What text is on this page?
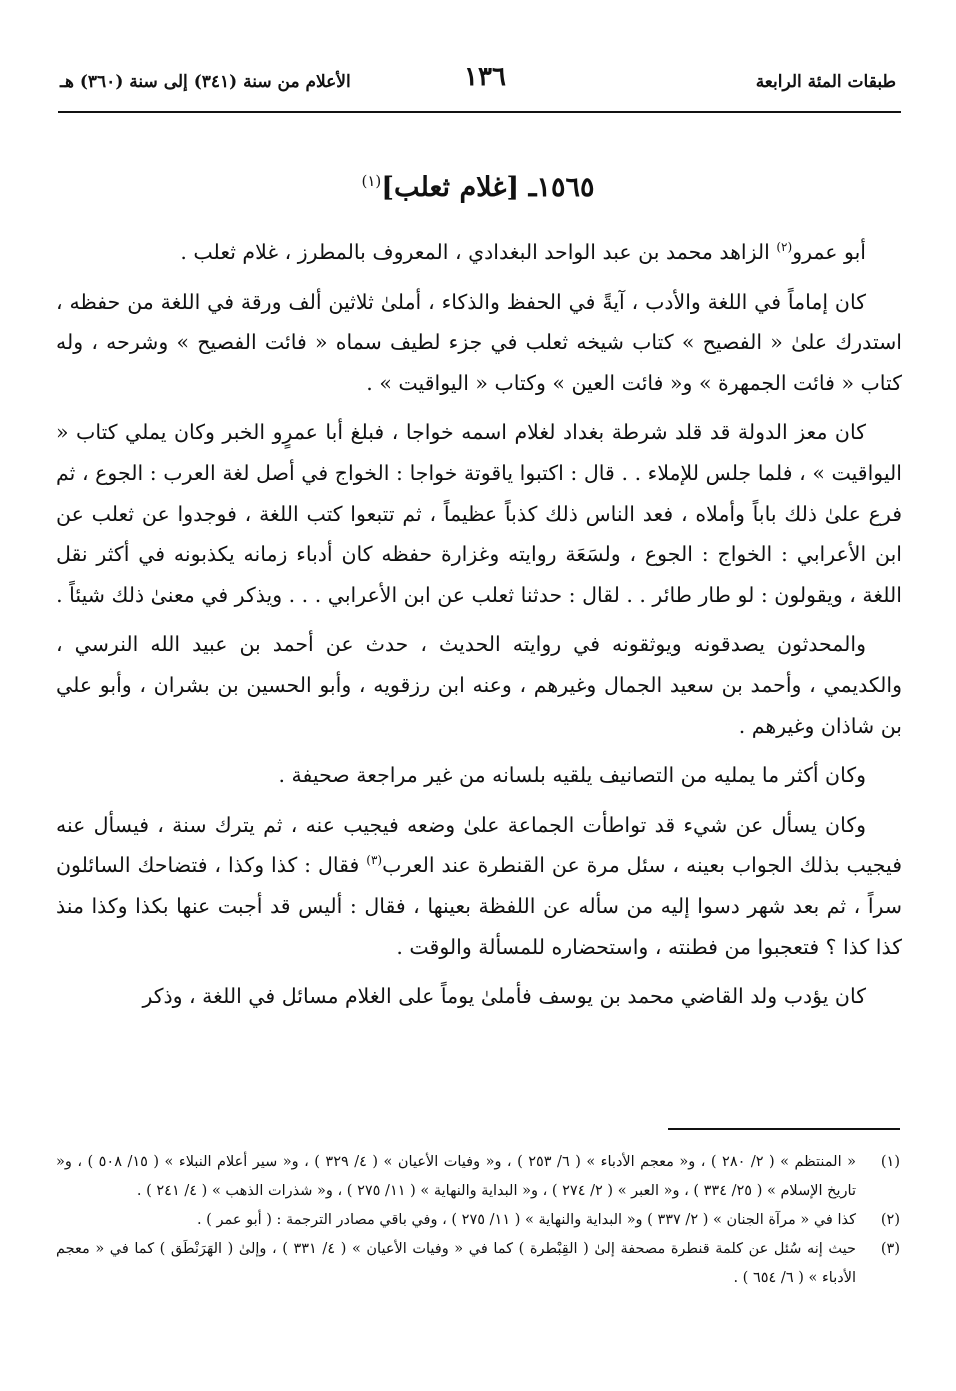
طبقات المئة الرابعة
١٣٦
الأعلام من سنة (٣٤١) إلى سنة (٣٦٠) هـ
١٥٦٥ـ [غلام ثعلب]$^{(١)}$

أبو عمرو$^{(٢)}$ الزاهد محمد بن عبد الواحد البغدادي ، المعروف بالمطرز ، غلام ثعلب .

كان إماماً في اللغة والأدب ، آيةً في الحفظ والذكاء ، أملىٰ ثلاثين ألف ورقة في اللغة من حفظه ، استدرك علىٰ « الفصيح » كتاب شيخه ثعلب في جزء لطيف سماه « فائت الفصيح » وشرحه ، وله كتاب « فائت الجمهرة » و« فائت العين » وكتاب « اليواقيت » .

كان معز الدولة قد قلد شرطة بغداد لغلام اسمه خواجا ، فبلغ أبا عمرٍو الخبر وكان يملي كتاب « اليواقيت » ، فلما جلس للإملاء . . قال : اكتبوا ياقوتة خواجا : الخواج في أصل لغة العرب : الجوع ، ثم فرع علىٰ ذلك باباً وأملاه ، فعد الناس ذلك كذباً عظيماً ، ثم تتبعوا كتب اللغة ، فوجدوا عن ثعلب عن ابن الأعرابي : الخواج : الجوع ، ولسَعَة روايته وغزارة حفظه كان أدباء زمانه يكذبونه في أكثر نقل اللغة ، ويقولون : لو طار طائر . . لقال : حدثنا ثعلب عن ابن الأعرابي . . . ويذكر في معنىٰ ذلك شيئاً .

والمحدثون يصدقونه ويوثقونه في روايته الحديث ، حدث عن أحمد بن عبيد الله النرسي ، والكديمي ، وأحمد بن سعيد الجمال وغيرهم ، وعنه ابن رزقويه ، وأبو الحسين بن بشران ، وأبو علي بن شاذان وغيرهم .

وكان أكثر ما يمليه من التصانيف يلقيه بلسانه من غير مراجعة صحيفة .

وكان يسأل عن شيء قد تواطأت الجماعة علىٰ وضعه فيجيب عنه ، ثم يترك سنة ، فيسأل عنه فيجيب بذلك الجواب بعينه ، سئل مرة عن القنطرة عند العرب$^{(٣)}$ فقال : كذا وكذا ، فتضاحك السائلون سراً ، ثم بعد شهر دسوا إليه من سأله عن اللفظة بعينها ، فقال : أليس قد أجبت عنها بكذا وكذا منذ كذا كذا ؟ فتعجبوا من فطنته ، واستحضاره للمسألة والوقت .

كان يؤدب ولد القاضي محمد بن يوسف فأملىٰ يوماً على الغلام مسائل في اللغة ، وذكر

(١)
« المنتظم » ( ٢/ ٢٨٠ ) ، و« معجم الأدباء » ( ٦/ ٢٥٣ ) ، و« وفيات الأعيان » ( ٤/ ٣٢٩ ) ، و« سير أعلام النبلاء » ( ١٥/ ٥٠٨ ) ، و« تاريخ الإسلام » ( ٢٥/ ٣٣٤ ) ، و« العبر » ( ٢/ ٢٧٤ ) ، و« البداية والنهاية » ( ١١/ ٢٧٥ ) ، و« شذرات الذهب » ( ٤/ ٢٤١ ) .
(٢)
كذا في « مرآة الجنان » ( ٢/ ٣٣٧ ) و« البداية والنهاية » ( ١١/ ٢٧٥ ) ، وفي باقي مصادر الترجمة : ( أبو عمر ) .
(٣)
حيث إنه سُئل عن كلمة قنطرة مصحفة إلىٰ ( القِبْطرة ) كما في « وفيات الأعيان » ( ٤/ ٣٣١ ) ، وإلىٰ ( الهَرَنْطَق ) كما في « معجم الأدباء » ( ٦/ ٦٥٤ ) .
